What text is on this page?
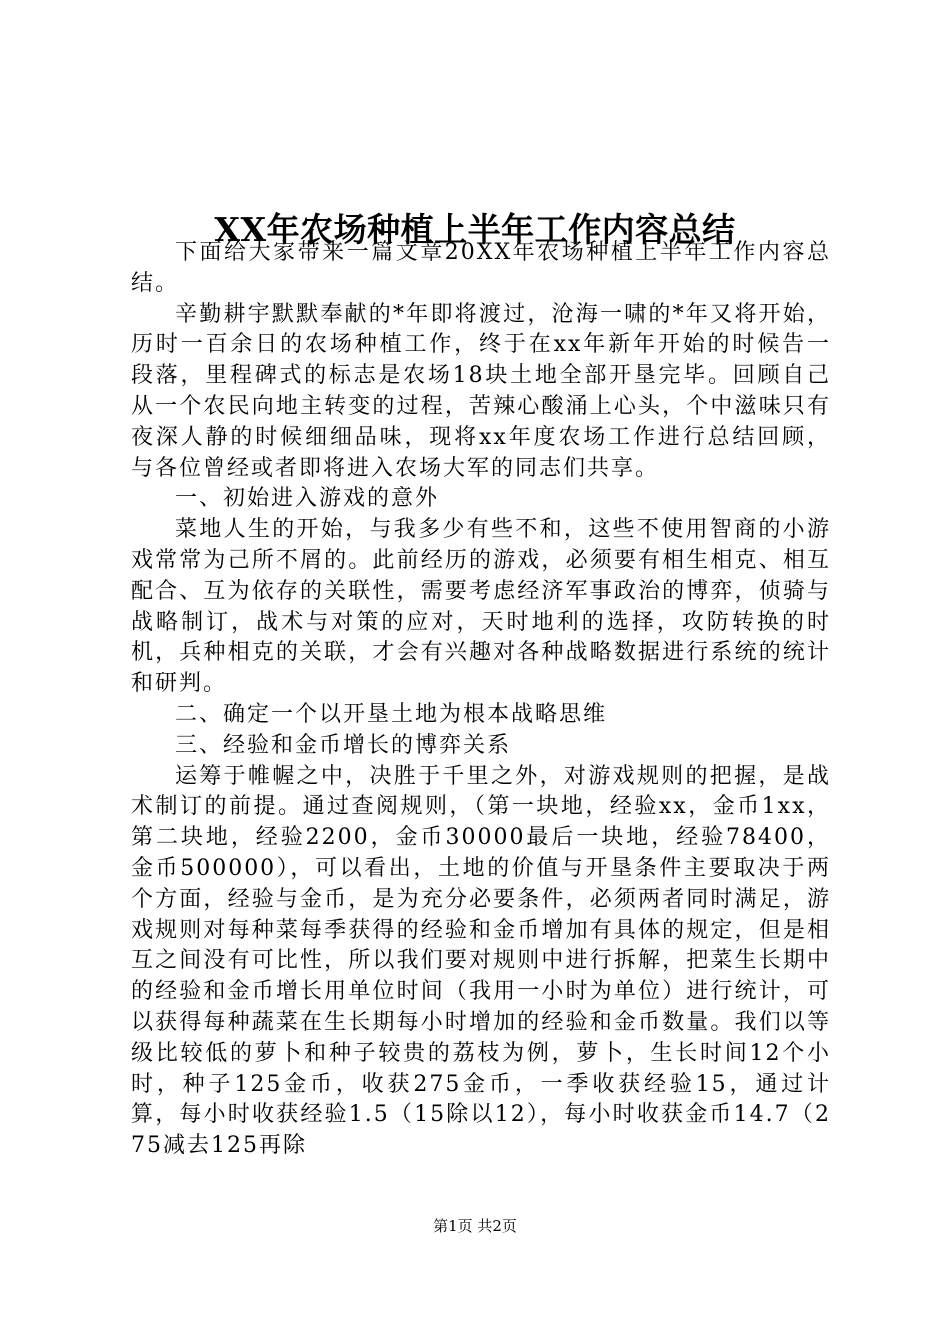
XX年农场种植上半年工作内容总结

下面给大家带来一篇文章20XX年农场种植上半年工作内容总结。

辛勤耕宇默默奉献的*年即将渡过，沧海一啸的*年又将开始，历时一百余日的农场种植工作，终于在xx年新年开始的时候告一段落，里程碑式的标志是农场18块土地全部开垦完毕。回顾自己从一个农民向地主转变的过程，苦辣心酸涌上心头，个中滋味只有夜深人静的时候细细品味，现将xx年度农场工作进行总结回顾，与各位曾经或者即将进入农场大军的同志们共享。

一、初始进入游戏的意外

菜地人生的开始，与我多少有些不和，这些不使用智商的小游戏常常为己所不屑的。此前经历的游戏，必须要有相生相克、相互配合、互为依存的关联性，需要考虑经济军事政治的博弈，侦骑与战略制订，战术与对策的应对，天时地利的选择，攻防转换的时机，兵种相克的关联，才会有兴趣对各种战略数据进行系统的统计和研判。

二、确定一个以开垦土地为根本战略思维

三、经验和金币增长的博弈关系

运筹于帷幄之中，决胜于千里之外，对游戏规则的把握，是战术制订的前提。通过查阅规则，（第一块地，经验xx，金币1xx，第二块地，经验2200，金币30000最后一块地，经验78400，金币500000），可以看出，土地的价值与开垦条件主要取决于两个方面，经验与金币，是为充分必要条件，必须两者同时满足，游戏规则对每种菜每季获得的经验和金币增加有具体的规定，但是相互之间没有可比性，所以我们要对规则中进行拆解，把菜生长期中的经验和金币增长用单位时间（我用一小时为单位）进行统计，可以获得每种蔬菜在生长期每小时增加的经验和金币数量。我们以等级比较低的萝卜和种子较贵的荔枝为例，萝卜，生长时间12个小时，种子125金币，收获275金币，一季收获经验15，通过计算，每小时收获经验1.5（15除以12），每小时收获金币14.7（275减去125再除

第1页 共2页
